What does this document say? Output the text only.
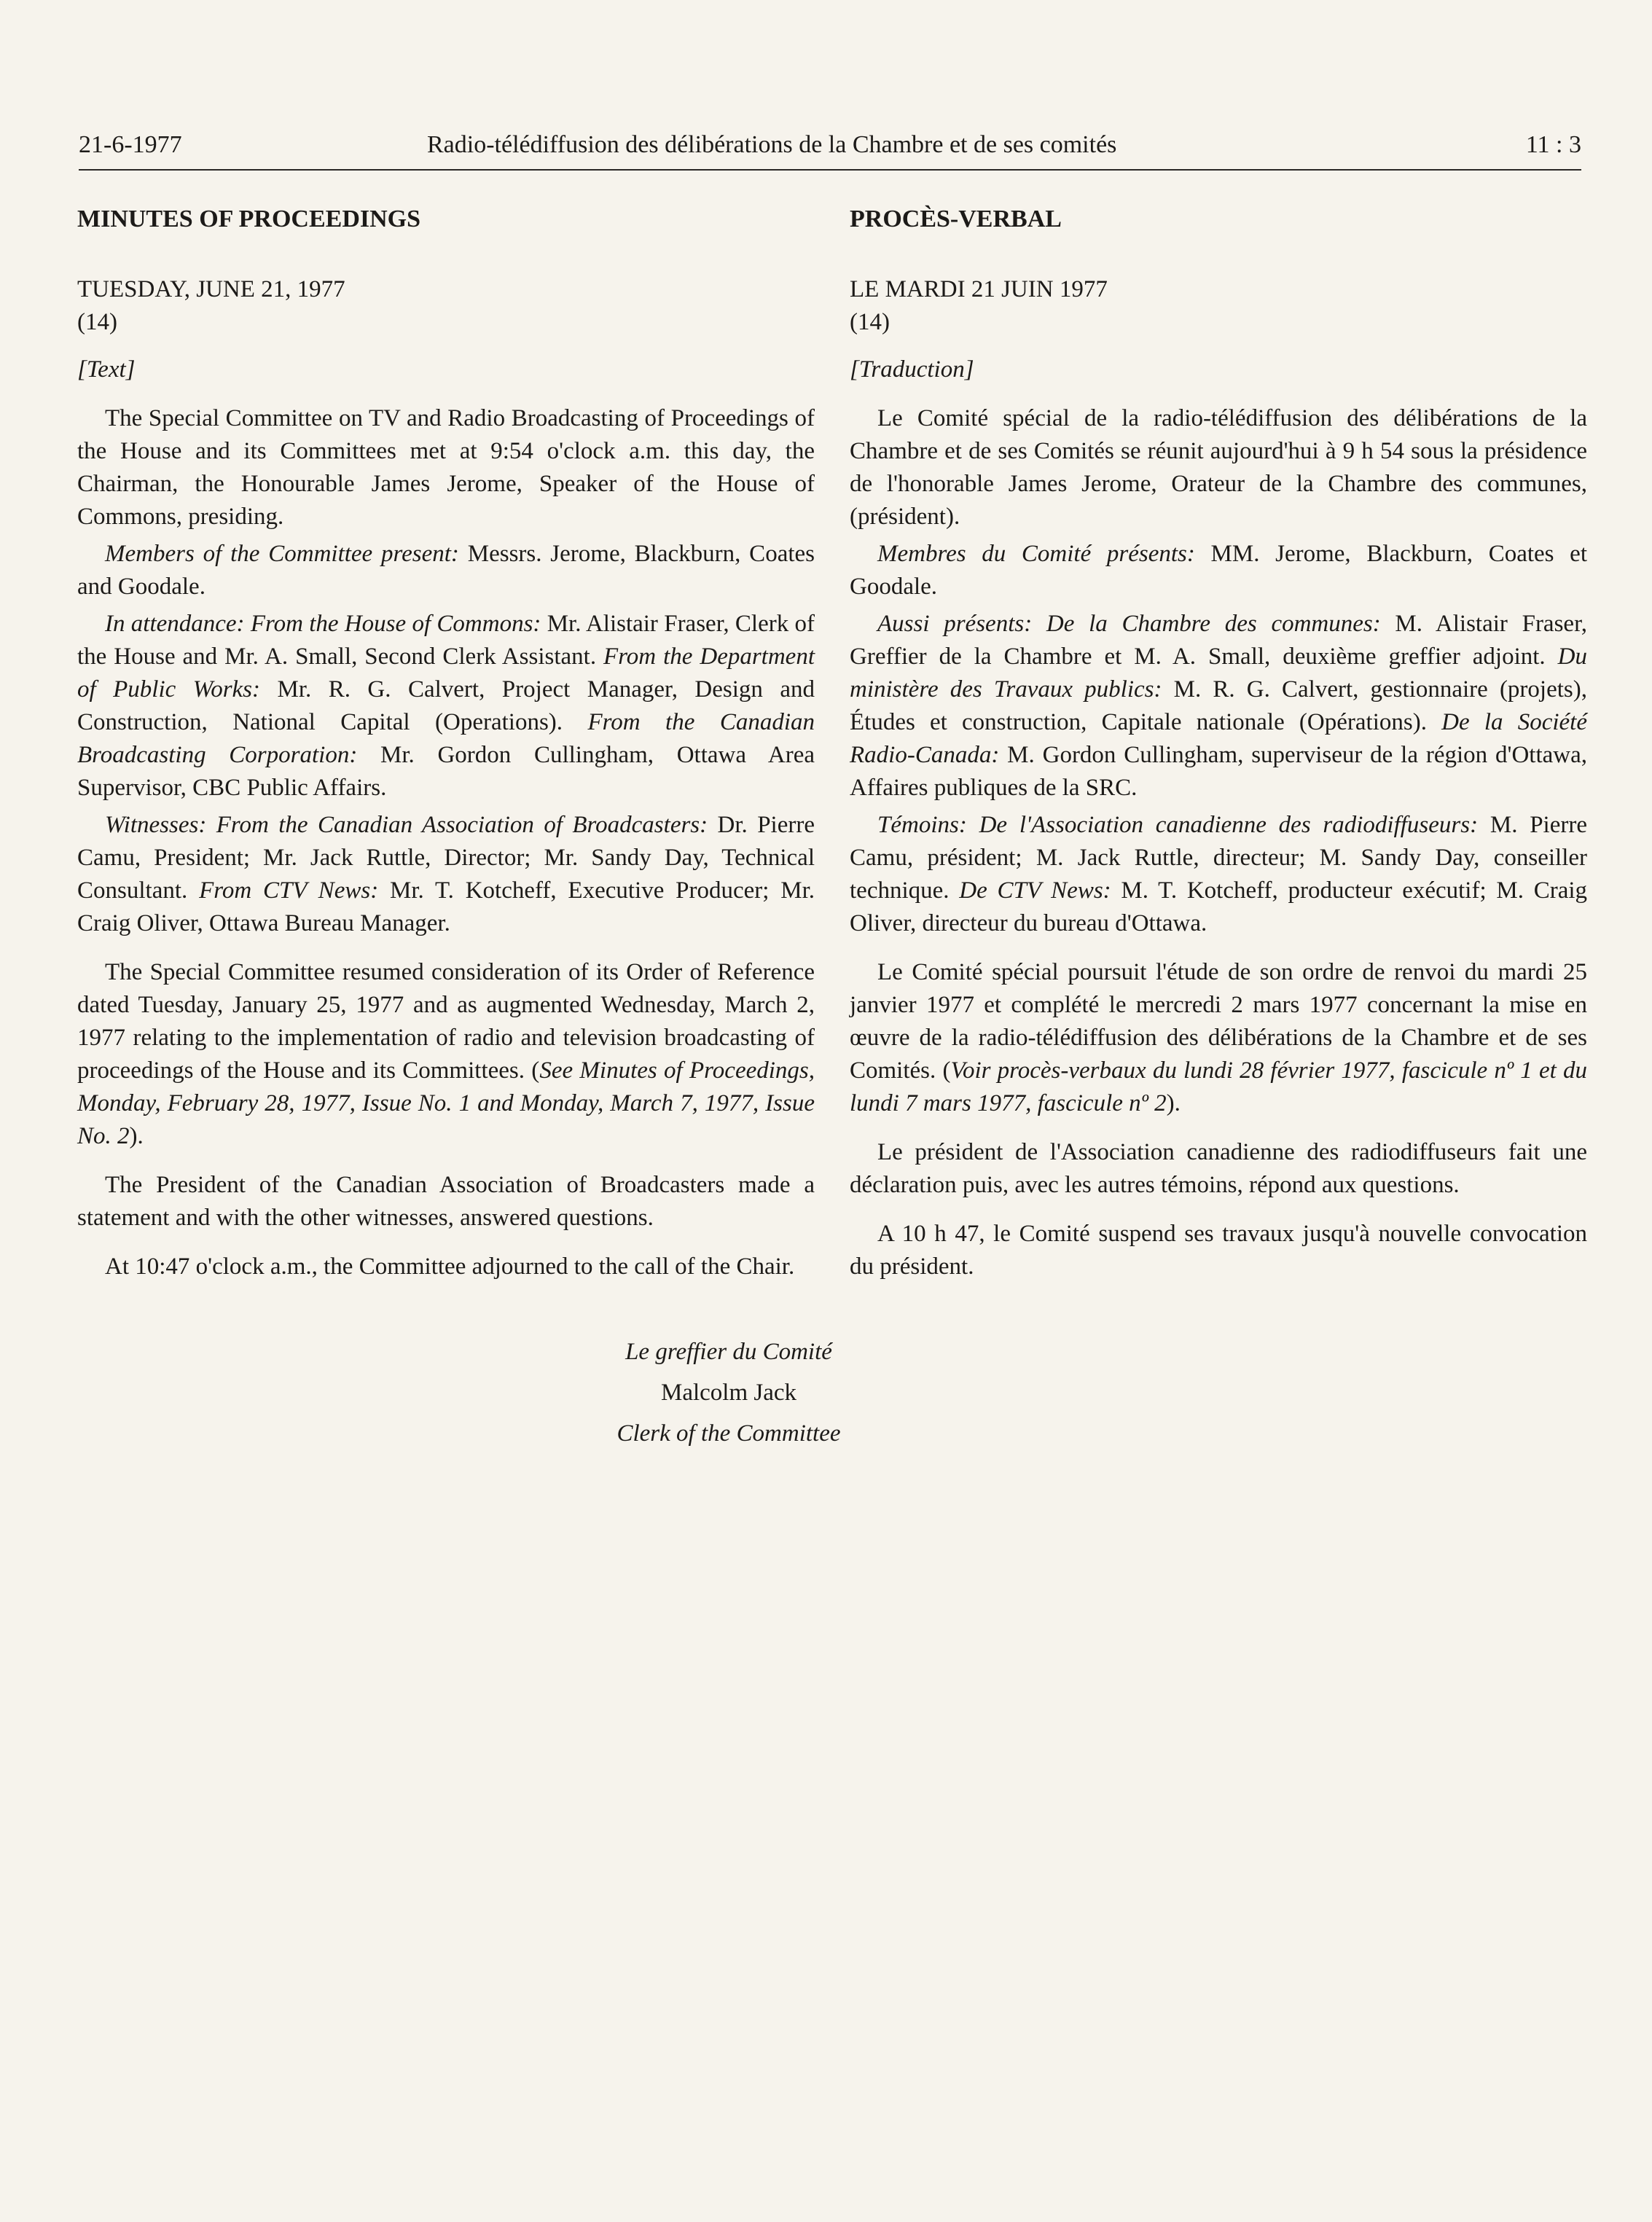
21-6-1977	Radio-télédiffusion des délibérations de la Chambre et de ses comités	11 : 3

MINUTES OF PROCEEDINGS

TUESDAY, JUNE 21, 1977

(14)

[Text]

The Special Committee on TV and Radio Broadcasting of Proceedings of the House and its Committees met at 9:54 o'clock a.m. this day, the Chairman, the Honourable James Jerome, Speaker of the House of Commons, presiding.

Members of the Committee present: Messrs. Jerome, Blackburn, Coates and Goodale.

In attendance: From the House of Commons: Mr. Alistair Fraser, Clerk of the House and Mr. A. Small, Second Clerk Assistant. From the Department of Public Works: Mr. R. G. Calvert, Project Manager, Design and Construction, National Capital (Operations). From the Canadian Broadcasting Corporation: Mr. Gordon Cullingham, Ottawa Area Supervisor, CBC Public Affairs.

Witnesses: From the Canadian Association of Broadcasters: Dr. Pierre Camu, President; Mr. Jack Ruttle, Director; Mr. Sandy Day, Technical Consultant. From CTV News: Mr. T. Kotcheff, Executive Producer; Mr. Craig Oliver, Ottawa Bureau Manager.

The Special Committee resumed consideration of its Order of Reference dated Tuesday, January 25, 1977 and as augmented Wednesday, March 2, 1977 relating to the implementation of radio and television broadcasting of proceedings of the House and its Committees. (See Minutes of Proceedings, Monday, February 28, 1977, Issue No. 1 and Monday, March 7, 1977, Issue No. 2).

The President of the Canadian Association of Broadcasters made a statement and with the other witnesses, answered questions.

At 10:47 o'clock a.m., the Committee adjourned to the call of the Chair.

PROCÈS-VERBAL

LE MARDI 21 JUIN 1977

(14)

[Traduction]

Le Comité spécial de la radio-télédiffusion des délibérations de la Chambre et de ses Comités se réunit aujourd'hui à 9 h 54 sous la présidence de l'honorable James Jerome, Orateur de la Chambre des communes, (président).

Membres du Comité présents: MM. Jerome, Blackburn, Coates et Goodale.

Aussi présents: De la Chambre des communes: M. Alistair Fraser, Greffier de la Chambre et M. A. Small, deuxième greffier adjoint. Du ministère des Travaux publics: M. R. G. Calvert, gestionnaire (projets), Études et construction, Capitale nationale (Opérations). De la Société Radio-Canada: M. Gordon Cullingham, superviseur de la région d'Ottawa, Affaires publiques de la SRC.

Témoins: De l'Association canadienne des radiodiffuseurs: M. Pierre Camu, président; M. Jack Ruttle, directeur; M. Sandy Day, conseiller technique. De CTV News: M. T. Kotcheff, producteur exécutif; M. Craig Oliver, directeur du bureau d'Ottawa.

Le Comité spécial poursuit l'étude de son ordre de renvoi du mardi 25 janvier 1977 et complété le mercredi 2 mars 1977 concernant la mise en œuvre de la radio-télédiffusion des délibérations de la Chambre et de ses Comités. (Voir procès-verbaux du lundi 28 février 1977, fascicule nº 1 et du lundi 7 mars 1977, fascicule nº 2).

Le président de l'Association canadienne des radiodiffuseurs fait une déclaration puis, avec les autres témoins, répond aux questions.

A 10 h 47, le Comité suspend ses travaux jusqu'à nouvelle convocation du président.

Le greffier du Comité
Malcolm Jack
Clerk of the Committee
